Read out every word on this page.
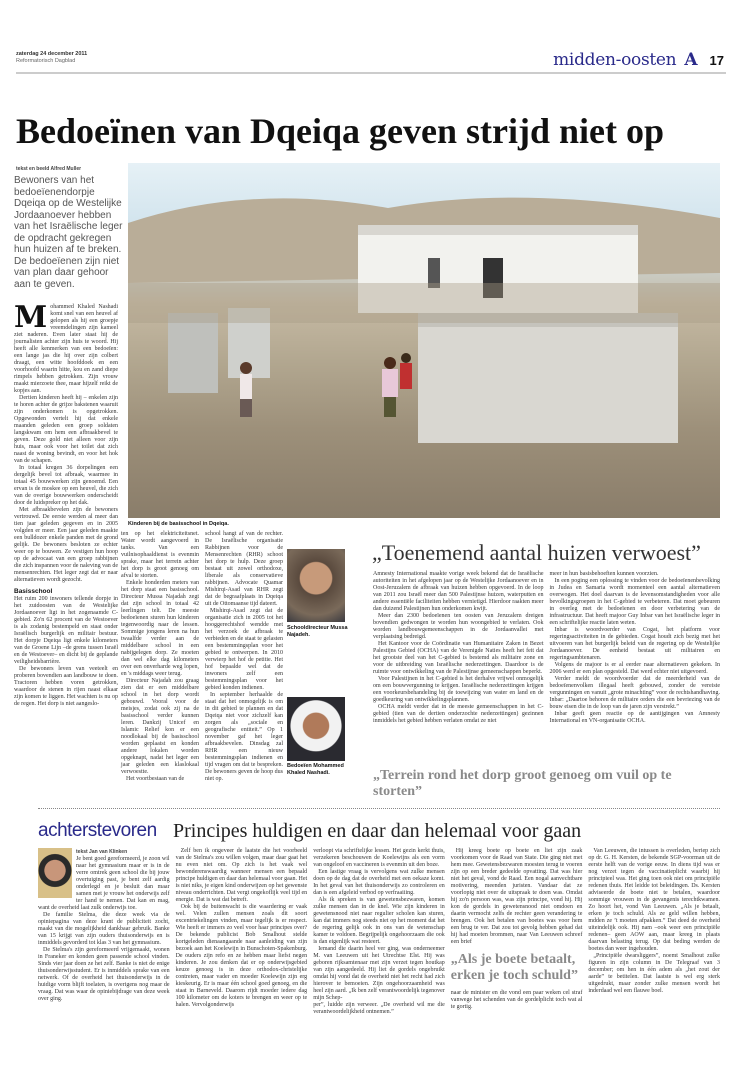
zaterdag 24 december 2011
Reformatorisch Dagblad	midden-oosten A 17
Bedoeïnen van Dqeiqa geven strijd niet op
tekst en beeld Alfred Muller
Bewoners van het bedoeïenendorpje Dqeiqa op de Westelijke Jordaanoever hebben van het Israëlische leger de opdracht gekregen hun huizen af te breken. De bedoeïenen zijn niet van plan daar gehoor aan te geven.
Kinderen bij de basisschool in Dqeiqa.
M ohammed Khaled Nashadi komt snel van een heuvel af gelopen als hij een groepje vreemdelingen zijn kameel ziet naderen. Even later staat hij de journalisten achter zijn huis te woord. Hij heeft alle kenmerken van een bedoeïen: een lange jas die hij over zijn colbert draagt, een witte hoofddoek en een voorhoofd waarin hitte, kou en zand diepe rimpels hebben getrokken. Zijn vrouw maakt mierzoete thee, maar hijzelf reikt de kopjes aan.

Dertien kinderen heeft hij – enkelen zijn te horen achter de grijze bakstenen waaruit zijn onderkomen is opgetrokken. Opgewonden vertelt hij dat enkele maanden geleden een groep soldaten langskwam om hem een afbraakbevel te geven. Deze gold niet alleen voor zijn huis, maar ook voor het toilet dat zich naast de woning bevindt, en voor het hok van de schapen.

In totaal kregen 36 dorpelingen een dergelijk bevel tot afbraak, waarmee in totaal 45 bouwwerken zijn genoemd. Een ervan is de moskee op een heuvel, die zich van de overige bouwwerken onderscheidt door de luidspreker op het dak.

Met afbraakbevelen zijn de bewoners vertrouwd. De eerste werden al meer dan tien jaar geleden gegeven en in 2005 volgden er meer. Een jaar geleden maakte een bulldozer enkele panden met de grond gelijk. De bewoners besloten ze echter weer op te bouwen. Ze vestigen hun hoop op de advocaat van een groep rabbijnen die zich inspannen voor de naleving van de mensenrechten. Het leger zegt dat er naar alternatieven wordt gezocht.

Basisschool

Het ruim 200 inwoners tellende dorpje in het zuidoosten van de Westelijke Jordaanoever ligt in het zogenaamde C-gebied. Zo'n 62 procent van de Westoever is als zodanig bestempeld en staat onder Israëlisch burgerlijk en militair bestuur. Het dorpje Dqeiqa ligt enkele kilometers van de Groene Lijn –de grens tussen Israël en de Westoever– en dicht bij de geplande veiligheidsbarrière.

De bewoners leven van veeteelt en proberen bovendien aan landbouw te doen. Tractoren hebben voren getrokken, waardoor de stenen in rijen naast elkaar zijn komen te liggen. Het wachten is nu op de regen. Het dorp is niet aangeslo-

ten op het elektriciteitsnet. Water wordt aangevoerd in tanks. Van een vuilnisophaaldienst is evenmin sprake, maar het terrein achter het dorp is groot genoeg om afval te storten.

Enkele honderden meters van het dorp staat een basisschool. Directeur Mussa Najadah zegt dat zijn school in totaal 42 leerlingen telt. De meeste bedoeïenen sturen hun kinderen tegenwoordig naar de lessen. Sommige jongens leren na hun twaalfde verder aan de middelbare school in een nabijgelegen dorp. Ze moeten dan wel elke dag kilometers over een onverharde weg lopen, en 's middags weer terug.

Directeur Najadah zou graag zien dat er een middelbare school in het dorp wordt gebouwd. Vooral voor de meisjes, zodat ook zij na de basisschool verder kunnen leren. Dankzij Unicef en Islamic Relief kon er een noodlokaal bij de basisschool worden geplaatst en konden andere lokalen worden opgeknapt, nadat het leger een jaar geleden een klaslokaal verwoestte.

Het voortbestaan van de

school hangt af van de rechter. De Israëlische organisatie Rabbijnen voor de Mensenrechten (RHR) schoot het dorp te hulp. Deze groep bestaat uit zowel orthodoxe, liberale als conservatieve rabbijnen. Advocate Quamar Mishirqi-Asad van RHR zegt dat de begraafplaats in Dqeiqa uit de Ottomaanse tijd dateert.

Mishirqi-Asad zegt dat de organisatie zich in 2005 tot het hooggerechtshof wendde met het verzoek de afbraak te verbieden en de staat te gelasten een bestemmingsplan voor het gebied te ontwerpen. In 2010 verwierp het hof de petitie. Het hof bepaalde wel dat de inwoners zelf een bestemmingsplan voor het gebied konden indienen.

In september herhaalde de staat dat het onmogelijk is om in dit gebied te plannen en dat Dqeiqa niet voor zichzelf kan zorgen als „sociale en geografische entiteit.” Op 1 november gaf het leger afbraakbevelen. Dinsdag zal RHR een nieuw bestemmingsplan indienen en tijd vragen om dat te bespreken. De bewoners geven de hoop dus niet op.

Schooldirecteur Mussa Najadeh.
Bedoeïen Mohammed Khaled Nashadi.
„Toenemend aantal huizen verwoest”

Amnesty International maakte vorige week bekend dat de Israëlische autoriteiten in het afgelopen jaar op de Westelijke Jordaanoever en in Oost-Jeruzalem de afbraak van huizen hebben opgevoerd. In de loop van 2011 zou Israël meer dan 500 Palestijnse huizen, waterputten en andere essentiële faciliteiten hebben vernietigd. Hierdoor raakten meer dan duizend Palestijnen hun onderkomen kwijt.

Meer dan 2300 bedoeïenen ten oosten van Jeruzalem dreigen bovendien gedwongen te worden hun woongebied te verlaten. Ook worden landbouwgemeenschappen in de Jordaanvallei met verplaatsing bedreigd.

Het Kantoor voor de Coördinatie van Humanitaire Zaken in Bezet Palestijns Gebied (OCHA) van de Verenigde Naties heeft het feit dat het grootste deel van het C-gebied is bestemd als militaire zone en voor de uitbreiding van Israëlische nederzettingen. Daardoor is de ruimte voor ontwikkeling van de Palestijnse gemeenschappen beperkt.

Voor Palestijnen in het C-gebied is het derhalve vrijwel onmogelijk om een bouwvergunning te krijgen. Israëlische nederzettingen krijgen een voorkeursbehandeling bij de toewijzing van water en land en de goedkeuring van ontwikkelingsplannen.

OCHA meldt verder dat in de meeste gemeenschappen in het C-gebied (tien van de dertien onderzochte nederzettingen) gezinnen inmiddels het gebied hebben verlaten omdat ze niet

meer in hun basisbehoeften kunnen voorzien.

In een poging een oplossing te vinden voor de bedoeïenenbevolking in Judea en Samaria wordt momenteel een aantal alternatieven overwogen. Het doel daarvan is de levensomstandigheden voor alle bevolkingsgroepen in het C-gebied te verbeteren. Dat moet gebeuren in overleg met de bedoeïenen en door verbetering van de infrastructuur. Dat heeft majoor Guy Inbar van het Israëlische leger in een schriftelijke reactie laten weten.

Inbar is woordvoerder van Cogat, het platform voor regeringsactiviteiten in de gebieden. Cogat houdt zich bezig met het uitvoeren van het burgerlijk beleid van de regering op de Westelijke Jordaanoever. De eenheid bestaat uit militairen en regeringsambtenaren.

Volgens de majoor is er al eerder naar alternatieven gekeken. In 2006 werd er een plan opgesteld. Dat werd echter niet uitgevoerd.

Verder meldt de woordvoerder dat de meerderheid van de bedoeïenenvolken illegaal heeft gebouwd, zonder de vereiste vergunningen en vanuit „grote minachting” voor de rechtshandhaving. Inbar: „Daartoe behoren de militaire orders die een bevriezing van de bouw eisen die in de loop van de jaren zijn verstrekt.”

Inbar geeft geen reactie op de aantijgingen van Amnesty International en VN-organisatie OCHA.

„Terrein rond het dorp groot genoeg om vuil op te storten”
achterstevoren Principes huldigen en daar dan helemaal voor gaan
tekst Jan van Klinken

Je bent goed gereformeerd, je zoon wil naar het gymnasium maar er is in de verre omtrek geen school die bij jouw overtuiging past, je bent zelf aardig onderlegd en je besluit dan maar samen met je vrouw het onderwijs zelf ter hand te nemen. Dat kan en mag, want de overheid laat zulk onderwijs toe.

De familie Stelma, die deze week via de opiniepagina van deze krant de publiciteit zocht, maakt van die mogelijkheid dankbaar gebruik. Banke van 15 krijgt van zijn ouders thuisonderwijs en is inmiddels gevorderd tot klas 3 van het gymnasium.

De Stelma's zijn gereformeerd vrijgemaakt, wonen in Franeker en konden geen passende school vinden. Sinds vier jaar doen ze het zelf. Banke is niet de enige thuisonderwijsstudent. Er is inmiddels sprake van een netwerk. Of de overheid het thuisonderwijs in de huidige vorm blijft toelaten, is overigens nog maar de vraag. Dat was waar de opiniebijdrage van deze week over ging.

Zelf ben ik ongeveer de laatste die het voorbeeld van de Stelma's zou willen volgen, maar daar gaat het nu even niet om. Op zich is het vaak wel bewonderenswaardig wanneer mensen een bepaald principe huldigen en daar dan helemaal voor gaan. Het is niet niks, je eigen kind onderwijzen op het gewenste niveau onderrichten. Dat vergt ongekoflijk veel tijd en energie. Dat is wat dat betreft.

Ook bij de buitenwacht is die waardering er vaak wel. Velen zullen mensen zoals dit soort excentriekelingen vinden, maar tegelijk is er respect. Wie heeft er immers zo veel voor haar principes over? De bekende publicist Bob Smalhout stelde kortgeleden dienaangaande naar aanleiding van zijn bezoek aan het Koelewijn in Bunschoten-Spakenburg. De ouders zijn refo en ze hebben maar liefst negen kinderen. Je zou denken dat er op onderwijsgebied keuze genoeg is in deze orthodox-christelijke contreien, maar vader en moeder Koelewijn zijn erg kieskeurig. Er is maar één school goed genoeg, en die staat in Barneveld. Daarom rijdt moeder iedere dag 100 kilometer om de koters te brengen en weer op te halen. Vervolgonderwijs

verloopt via schriftelijke lessen. Het gezin kerkt thuis, verzekeren beschouwen de Koelewijns als een vorm van ongeloof en vaccineren is evenmin uit den boze.

Een lastige vraag is vervolgens wat zulke mensen doen op de dag dat de overheid met een oekaze komt. In het geval van het thuisonderwijs zo controleren en dan is een afgeleid verbod op verfraaiiing.

Als ik spreken is van gewetensbezwaren, komen zulke mensen dan in de knel. Wie zijn kinderen in gewetensnood niet naar regulier scholen kan sturen, kan dat immers nog steeds niet op het moment dat het de regering gelijk ook in ons van de wetenschap kamer te voldoen. Begrijpelijk ongehoorzaam die ook is dan eigenlijk wat resteert.

Iemand die daarin heel ver ging, was onderneemer M. van Leeuwen uit het Utrechtse Elst. Hij was geboren rijksamtenaar met zijn verzet tegen houtkap van zijn aangedeeld. Hij liet de gordels ongebruikt omdat hij vond dat de overheid niet het recht had zich hierover te bemoeien. Zijn ongehoorzaamheid was heel zijn aard. „Ik ben zelf verantwoordelijk tegenover mijn Schep-

per”, luidde zijn verweer. „De overheid wil me die verantwoordelijkheid ontnemen.”

Hij kreeg boete op boete en liet zijn zaak voorkomen voor de Raad van State. Die ging niet met hem mee. Gewetensbezwaren moesten terug te voeren zijn op een breder gedeelde opvatting. Dat was hier niet het geval, vond de Raad. Een nogal aanvechtbare motivering, meenden juristen. Vandaar dat ze voorlopig niet over de uitspraak te doen was. Omdat hij zo'n persoon was, was zijn principe, vond hij. Hij kon de gordels in gewetensnood niet omdoen en daarin vermocht zelfs de rechter geen verandering te brengen. Ook het betalen van boetes was voor hem een brug te ver. Dat zou tot gevolg hebben gehad dat hij had moeten brommen, naar Van Leeuwen schreef een brief

„Als je boete betaalt, erken je toch schuld”

naar de minister en die vond een paar weken cel straf vanwege het schenden van de gordelplicht toch wat al te gortig.

Van Leeuwen, die intussen is overleden, beriep zich op dr. G. H. Kersten, de bekende SGP-voorman uit de eerste helft van de vorige eeuw. In diens tijd was er nog verzet tegen de vaccinatieplicht waarbij hij principieel was. Het ging toen ook niet om principiële redenen thuis. Het leidde tot beleidingen. Ds. Kersten adviseerde de boete niet te betalen, waardoor sommige vrouwen in de gevangenis terechtkwamen. Zo hoort het, vond Van Leeuwen. „Als je betaalt, erken je toch schuld. Als ze geld willen hebben, mdden ze ’t moeten afpakken.” Dat deed de overheid uiteindelijk ook. Hij nam –ook weer een principiële redenen– geen AOW aan, maar kreeg in plaats daarvan belasting terug. Op dat beding werden de boetes dan weer ingehouden.

„Principiële dwarsliggers”, noemt Smalhout zulke figuren in zijn column in De Telegraaf van 3 december; om hen in één adem als „het zout der aarde” te betitelen. Dat laatste is wel erg sterk uitgedrukt, maar zonder zulke mensen wordt het inderdaad wel een flauwe boel.
